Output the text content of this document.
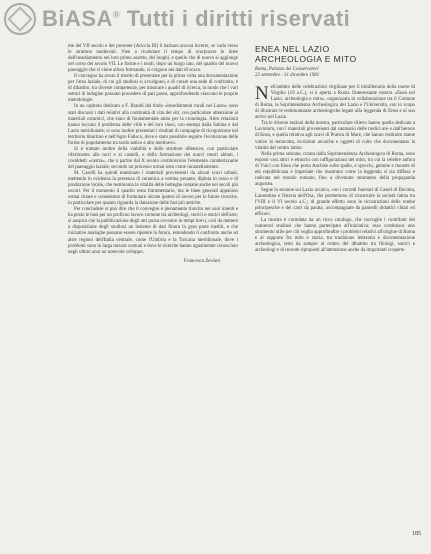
BiASA® Tutti i diritti riservati

me del VII secolo e del presente (Ariccia III) il barbaro ancora incerto, se vada verso le strutture medievali. Vien a rivalutare il tempo di scorporare le linee dell'insediamento nel loro primo assetto, dei luoghi, e quello che di nuovo si aggiunge nel corso del secolo VII. Le forme e i modi, dopo un lungo iato, del quadro del nuovo paesaggio che si viene allora formando, si colgono nei dati di scavo.

Il convegno ha avuto il merito di presentare per la prima volta una documentazione per l'area laziale, di cui gli studiosi si avvalgono, e di creare una sede di confronto, e di dibattito, tra diverse competenze, per misurare i quadri di ricerca, in modo che i vari settori di indagine possano procedere di pari passo, approfondendo ciascuno le proprie metodologie.

In un capitolo dedicato a F. Brandi dal titolo «Insediamenti rurali nel Lazio» sono stati discussi i dati relativi alla continuità di vita dei siti, con particolare attenzione ai materiali ceramici, che sono di fondamentale aiuto per la cronologia. Altre relazioni hanno toccato il problema delle ville e del loro riuso, con esempi dalla Sabina e dal Lazio meridionale; si sono inoltre presentati i risultati di campagne di ricognizione nel territorio tiburtino e nell'Agro Falisco, dove è stato possibile seguire l'evoluzione delle forme di popolamento tra tardo antico e alto medioevo.

Si è trattato inoltre della viabilità e delle strutture difensive, con particolare riferimento alle torri e ai castelli, e della formazione dei nuovi centri abitati, i cosiddetti «castra», che a partire dal X secolo costituiscono l'elemento caratterizzante del paesaggio laziale, secondo un processo ormai noto come incastellamento.

M. Caselli ha quindi esaminato i materiali provenienti da alcuni scavi urbani, mettendo in evidenza la presenza di ceramica a vetrina pesante, dipinta in rosso e di produzione locale, che testimonia la vitalità delle botteghe romane anche nei secoli più oscuri. Per il momento il quadro resta frammentario, ma le linee generali appaiono ormai chiare e consentono di formulare alcune ipotesi di lavoro per le future ricerche, in particolare per quanto riguarda la datazione delle fasi più antiche.

Per concludere si può dire che il convegno è pienamente riuscito nei suoi intenti e ha posto le basi per un proficuo lavoro comune tra archeologi, storici e storici dell'arte; si auspica che la pubblicazione degli atti possa avvenire in tempi brevi, così da mettere a disposizione degli studiosi un insieme di dati finora in gran parte inediti, e che iniziative analoghe possano essere ripetute in futuro, estendendo il confronto anche ad altre regioni dell'Italia centrale, come l'Umbria e la Toscana meridionale, dove i problemi sono in larga misura comuni e dove le ricerche hanno ugualmente conosciuto negli ultimi anni un notevole sviluppo.

Francesca Zeviani
ENEA NEL LAZIO
ARCHEOLOGIA E MITO
Roma, Palazzo dei Conservatori
22 settembre - 31 dicembre 1981

Nell'ambito delle celebrazioni virgiliane per il bimillenario della morte di Virgilio (19 a.C.), si è aperta a Roma l'interessante mostra «Enea nel Lazio: archeologia e mito», organizzata in collaborazione tra il Comune di Roma, la Soprintendenza Archeologica del Lazio e l'Università, con lo scopo di illustrare le testimonianze archeologiche legate alla leggenda di Enea e al suo arrivo nel Lazio.

Tra le diverse sezioni della mostra, particolare rilievo hanno quella dedicata a Lavinium, con i materiali provenienti dal santuario delle tredici are e dall'heroon di Enea, e quella relativa agli scavi di Pratica di Mare, che hanno restituito statue votive in terracotta, iscrizioni arcaiche e oggetti di culto che documentano la vitalità del centro latino.

Nella prima sezione, curata dalla Soprintendenza Archeologica di Roma, sono esposti vasi attici e etruschi con raffigurazioni del mito, tra cui la celebre anfora di Vulci con Enea che porta Anchise sulle spalle, e specchi, gemme e monete di età repubblicana e imperiale che mostrano come la leggenda si sia diffusa e radicata nel mondo romano, fino a diventare strumento della propaganda augustea.

Segue la sezione sul Lazio arcaico, con i corredi funerari di Castel di Decima, Laurentina e Osteria dell'Osa, che permettono di ricostruire la società latina tra l'VIII e il VI secolo a.C.; di grande effetto sono le ricostruzioni delle tombe principesche e dei carri da parata, accompagnate da pannelli didattici chiari ed efficaci.

La mostra è corredata da un ricco catalogo, che raccoglie i contributi dei numerosi studiosi che hanno partecipato all'iniziativa; esso costituisce uno strumento utile per chi voglia approfondire i problemi relativi all'origine di Roma e al rapporto fra mito e storia, tra tradizione letteraria e documentazione archeologica, temi da sempre al centro del dibattito tra filologi, storici e archeologi e di recente riproposti all'attenzione anche da importanti scoperte.

185
